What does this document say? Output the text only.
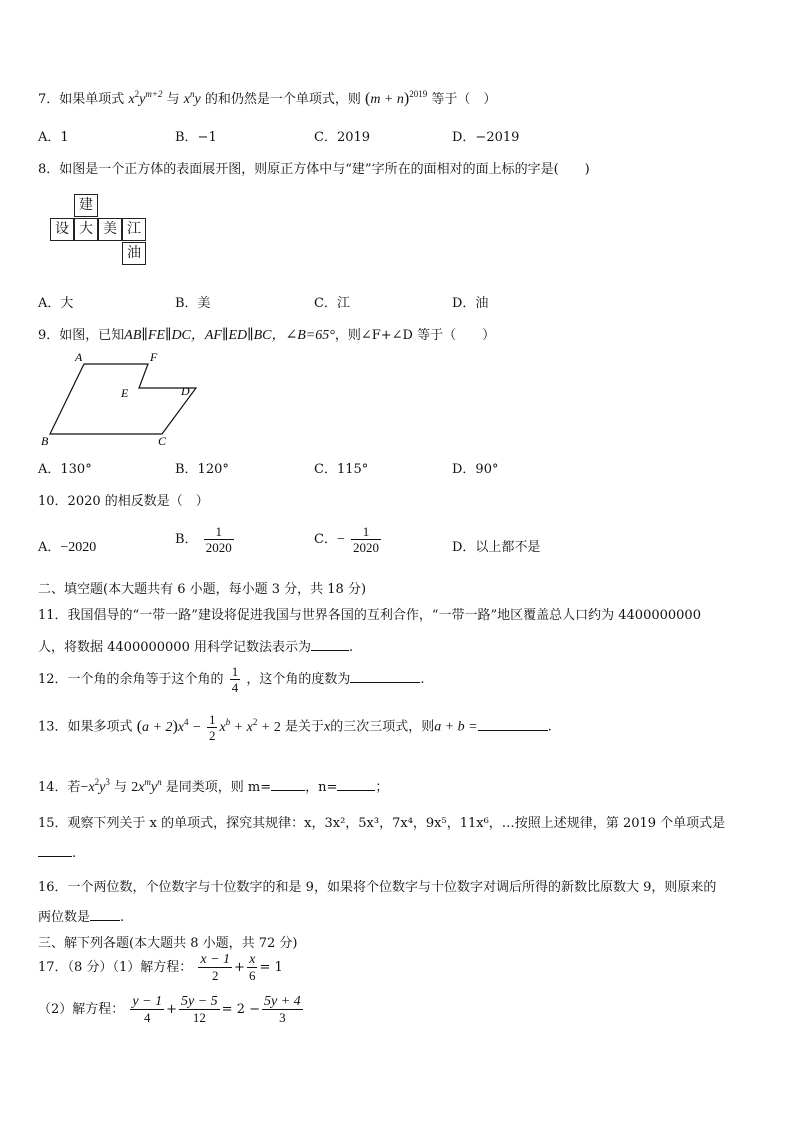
7．如果单项式 $x^2y^{m+2}$ 与 $x^ny$ 的和仍然是一个单项式，则 $(m + n)^{2019}$ 等于（　）
A．1	B．−1	C．2019	D．−2019
8．如图是一个正方体的表面展开图，则原正方体中与“建”字所在的面相对的面上标的字是(　　)
建
设 大 美 江
油
A．大	B．美	C．江	D．油
9．如图，已知AB∥FE∥DC，AF∥ED∥BC，∠B=65°，则∠F+∠D 等于（　　）
A	F
E	D
B	C
A．130°	B．120°	C．115°	D．90°
10．2020 的相反数是（　）
A．−2020
B． $\frac{1}{2020}$	C．− $\frac{1}{2020}$	D．以上都不是
二、填空题(本大题共有 6 小题，每小题 3 分，共 18 分)
11．我国倡导的“一带一路”建设将促进我国与世界各国的互利合作，“一带一路”地区覆盖总人口约为 4400000000
人，将数据 4400000000 用科学记数法表示为	.
12．一个角的余角等于这个角的 $\frac{1}{4}$ ，这个角的度数为	.
13．如果多项式 $(a + 2)x^4 - \frac{1}{2} x^b + x^2 + 2$ 是关于x的三次三项式，则a + b =	.
14．若$-x^2y^3$ 与 $2x^my^n$ 是同类项，则 m=	，n=	；
15．观察下列关于 x 的单项式，探究其规律：x，3x²，5x³，7x⁴，9x⁵，11x⁶，…按照上述规律，第 2019 个单项式是
.
16．一个两位数，个位数字与十位数字的和是 9，如果将个位数字与十位数字对调后所得的新数比原数大 9，则原来的
两位数是 .
三、解下列各题(本大题共 8 小题，共 72 分)
17．（8 分）（1）解方程： $\frac{x - 1}{2} + \frac{x}{6} = 1$
（2）解方程： $\frac{y - 1}{4} + \frac{5y - 5}{12} = 2 - \frac{5y + 4}{3}$
